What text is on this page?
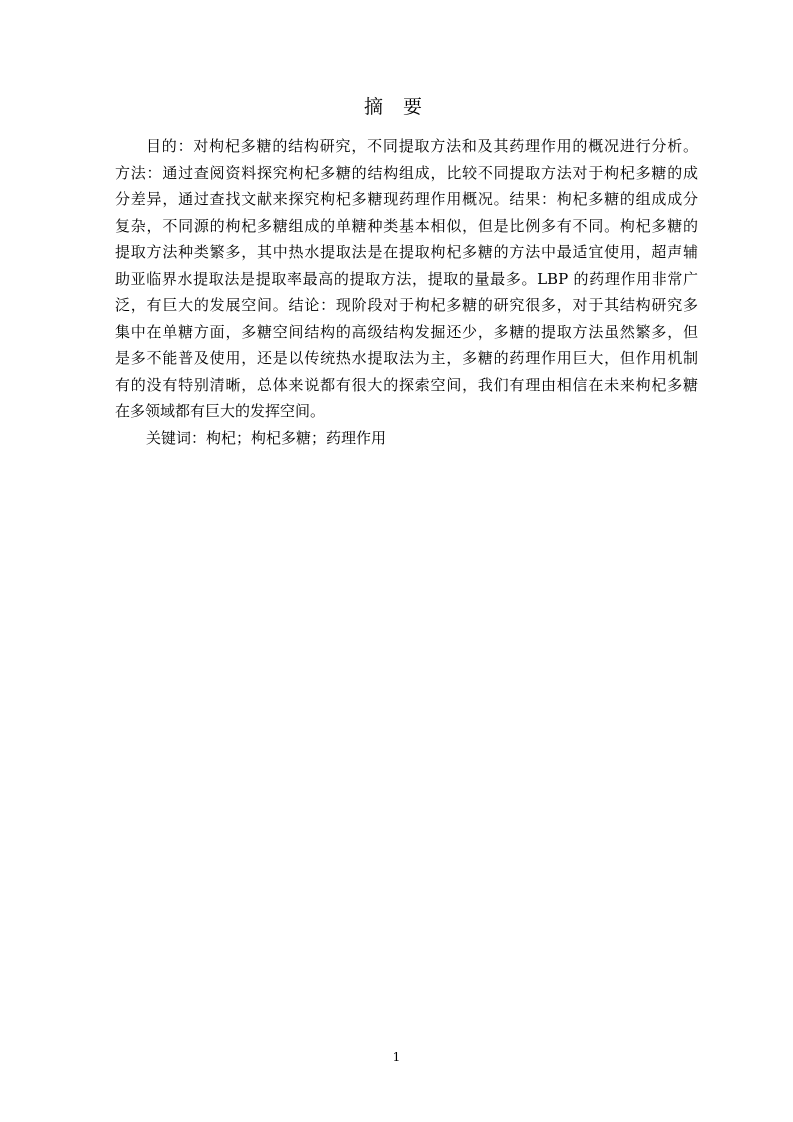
摘 要
目的：对枸杞多糖的结构研究，不同提取方法和及其药理作用的概况进行分析。
方法：通过查阅资料探究枸杞多糖的结构组成，比较不同提取方法对于枸杞多糖的成
分差异，通过查找文献来探究枸杞多糖现药理作用概况。结果：枸杞多糖的组成成分
复杂，不同源的枸杞多糖组成的单糖种类基本相似，但是比例多有不同。枸杞多糖的
提取方法种类繁多，其中热水提取法是在提取枸杞多糖的方法中最适宜使用，超声辅
助亚临界水提取法是提取率最高的提取方法，提取的量最多。LBP 的药理作用非常广
泛，有巨大的发展空间。结论：现阶段对于枸杞多糖的研究很多，对于其结构研究多
集中在单糖方面，多糖空间结构的高级结构发掘还少，多糖的提取方法虽然繁多，但
是多不能普及使用，还是以传统热水提取法为主，多糖的药理作用巨大，但作用机制
有的没有特别清晰，总体来说都有很大的探索空间，我们有理由相信在未来枸杞多糖
在多领域都有巨大的发挥空间。
关键词：枸杞；枸杞多糖；药理作用
1
